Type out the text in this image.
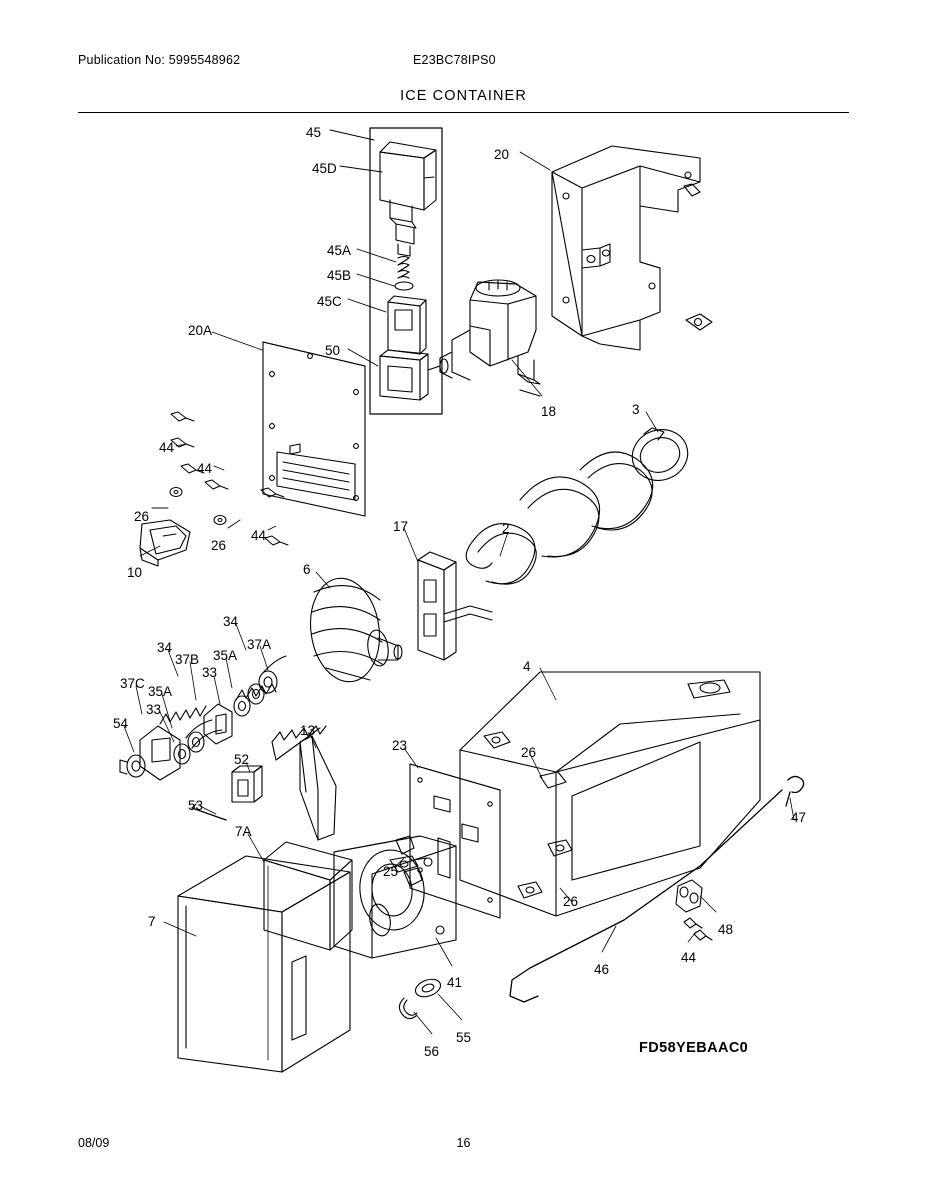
Publication No: 5995548962	E23BC78IPS0
ICE CONTAINER
45
45D
20
45A
45B
45C
20A
50
18	3
44
44
26
26
44
17	2
10	6
34
34	37A
37B 35A
33	4
37C
35A
33
54	13
23	26
52
53
47
7A
25
26
48
7
44
46
41
55
56	FD58YEBAAC0
08/09	16
